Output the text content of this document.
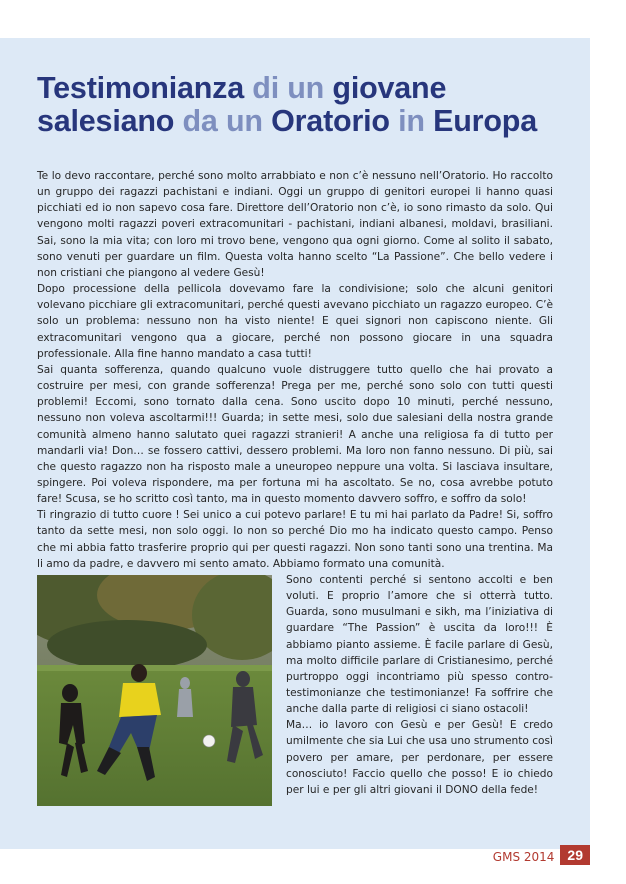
Testimonianza di un giovane
salesiano da un Oratorio in Europa

Te lo devo raccontare, perché sono molto arrabbiato e non c’è nessuno nell’Oratorio. Ho raccolto un gruppo dei ragazzi pachistani e indiani. Oggi un gruppo di genitori europei li hanno quasi picchiati ed io non sapevo cosa fare. Direttore dell’Oratorio non c’è, io sono rimasto da solo. Qui vengono molti ragazzi poveri extracomunitari - pachistani, indiani albanesi, moldavi, brasiliani. Sai, sono la mia vita; con loro mi trovo bene, vengono qua ogni giorno. Come al solito il sabato, sono venuti per guardare un film. Questa volta hanno scelto “La Passione”. Che bello vedere i non cristiani che piangono al vedere Gesù!

Dopo processione della pellicola dovevamo fare la condivisione; solo che alcuni genitori volevano picchiare gli extracomunitari, perché questi avevano picchiato un ragazzo europeo. C’è solo un problema: nessuno non ha visto niente! E quei signori non capiscono niente. Gli extracomunitari vengono qua a giocare, perché non possono giocare in una squadra professionale. Alla fine hanno mandato a casa tutti!

Sai quanta sofferenza, quando qualcuno vuole distruggere tutto quello che hai provato a costruire per mesi, con grande sofferenza! Prega per me, perché sono solo con tutti questi problemi! Eccomi, sono tornato dalla cena. Sono uscito dopo 10 minuti, perché nessuno, nessuno non voleva ascoltarmi!!! Guarda; in sette mesi, solo due salesiani della nostra grande comunità almeno hanno salutato quei ragazzi stranieri! A anche una religiosa fa di tutto per mandarli via! Don… se fossero cattivi, dessero problemi. Ma loro non fanno nessuno. Di più, sai che questo ragazzo non ha risposto male a uneuropeo neppure una volta. Si lasciava insultare, spingere. Poi voleva rispondere, ma per fortuna mi ha ascoltato. Se no, cosa avrebbe potuto fare! Scusa, se ho scritto così tanto, ma in questo momento davvero soffro, e soffro da solo!

Ti ringrazio di tutto cuore ! Sei unico a cui potevo parlare! E tu mi hai parlato da Padre! Si, soffro tanto da sette mesi, non solo oggi. Io non so perché Dio mo ha indicato questo campo. Penso che mi abbia fatto trasferire proprio qui per questi ragazzi. Non sono tanti sono una trentina. Ma li amo da padre, e davvero mi sento amato. Abbiamo formato una comunità.

Sono contenti perché si sentono accolti e ben voluti. E proprio l’amore che si otterrà tutto. Guarda, sono musulmani e sikh, ma l’iniziativa di guardare “The Passion” è uscita da loro!!! È abbiamo pianto assieme. È facile parlare di Gesù, ma molto difficile parlare di Cristianesimo, perché purtroppo oggi incontriamo più spesso contro-testimonianze che testimonianze! Fa soffrire che anche dalla parte di religiosi ci siano ostacoli!

Ma… io lavoro con Gesù e per Gesù! E credo umilmente che sia Lui che usa uno strumento così povero per amare, per perdonare, per essere conosciuto! Faccio quello che posso! E io chiedo per lui e per gli altri giovani il DONO della fede!

GMS 2014 29
